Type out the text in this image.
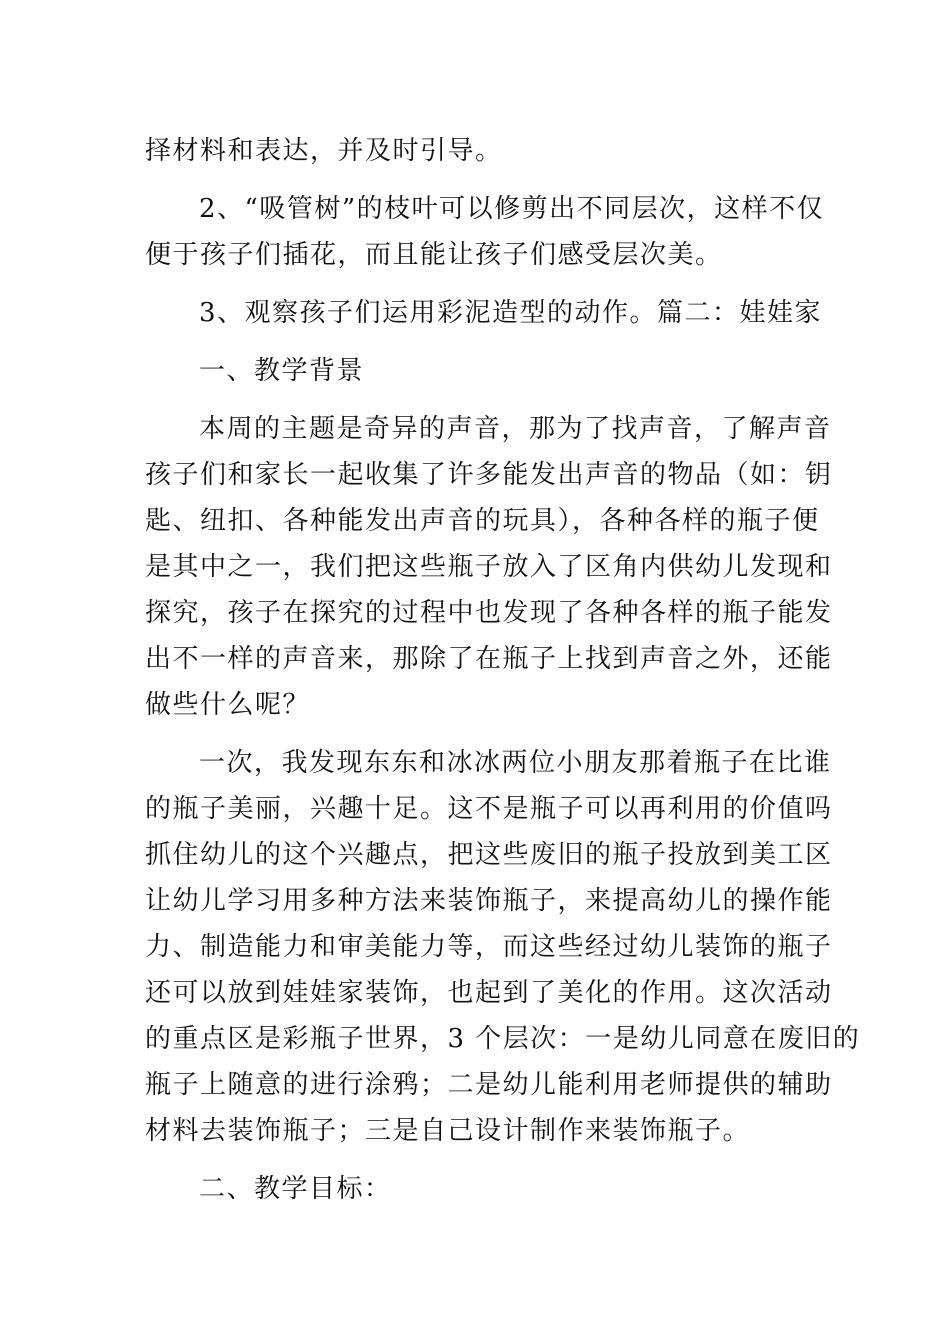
择材料和表达，并及时引导。
2、“吸管树”的枝叶可以修剪出不同层次，这样不仅
便于孩子们插花，而且能让孩子们感受层次美。
3、观察孩子们运用彩泥造型的动作。篇二：娃娃家
一、教学背景
本周的主题是奇异的声音，那为了找声音，了解声音
孩子们和家长一起收集了许多能发出声音的物品（如：钥
匙、纽扣、各种能发出声音的玩具），各种各样的瓶子便
是其中之一，我们把这些瓶子放入了区角内供幼儿发现和
探究，孩子在探究的过程中也发现了各种各样的瓶子能发
出不一样的声音来，那除了在瓶子上找到声音之外，还能
做些什么呢？
一次，我发现东东和冰冰两位小朋友那着瓶子在比谁
的瓶子美丽，兴趣十足。这不是瓶子可以再利用的价值吗
抓住幼儿的这个兴趣点，把这些废旧的瓶子投放到美工区
让幼儿学习用多种方法来装饰瓶子，来提高幼儿的操作能
力、制造能力和审美能力等，而这些经过幼儿装饰的瓶子
还可以放到娃娃家装饰，也起到了美化的作用。这次活动
的重点区是彩瓶子世界，3 个层次：一是幼儿同意在废旧的
瓶子上随意的进行涂鸦；二是幼儿能利用老师提供的辅助
材料去装饰瓶子；三是自己设计制作来装饰瓶子。
二、教学目标：
